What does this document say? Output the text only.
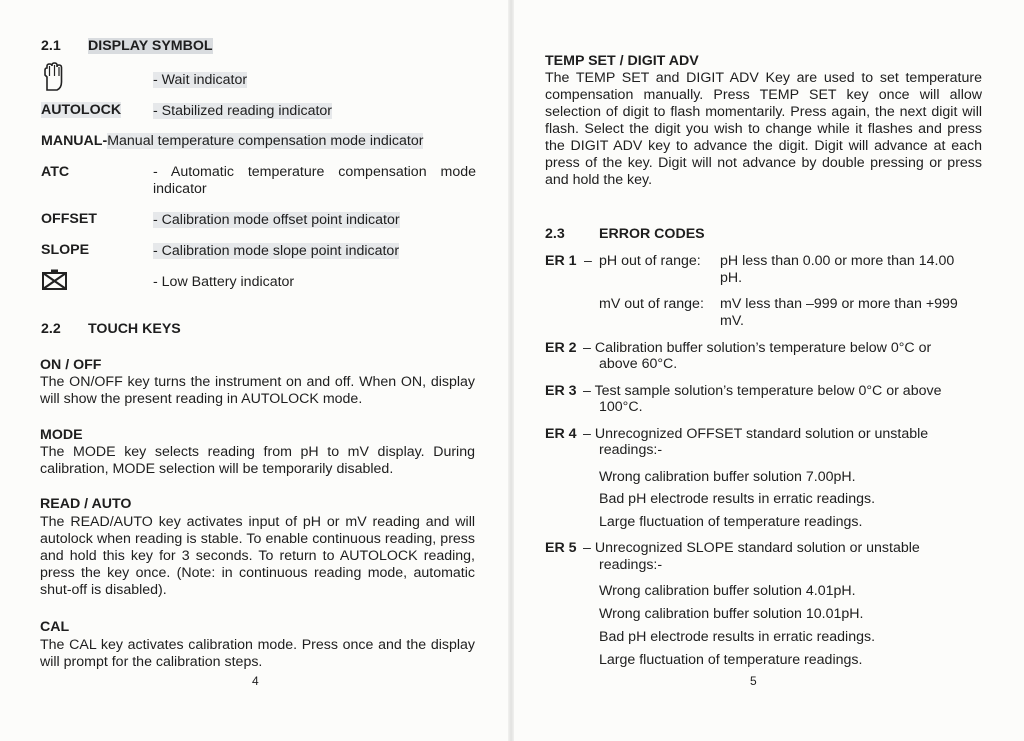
2.1 DISPLAY SYMBOL
- Wait indicator
AUTOLOCK - Stabilized reading indicator
MANUAL-Manual temperature compensation mode indicator
ATC	- Automatic temperature compensation mode indicator
OFFSET	- Calibration mode offset point indicator
SLOPE	- Calibration mode slope point indicator
- Low Battery indicator
2.2 TOUCH KEYS
ON / OFF
The ON/OFF key turns the instrument on and off. When ON, display will show the present reading in AUTOLOCK mode.
MODE
The MODE key selects reading from pH to mV display. During calibration, MODE selection will be temporarily disabled.
READ / AUTO
The READ/AUTO key activates input of pH or mV reading and will autolock when reading is stable. To enable continuous reading, press and hold this key for 3 seconds. To return to AUTOLOCK reading, press the key once. (Note: in continuous reading mode, automatic shut-off is disabled).
CAL
The CAL key activates calibration mode. Press once and the display will prompt for the calibration steps.
4
TEMP SET / DIGIT ADV
The TEMP SET and DIGIT ADV Key are used to set temperature compensation manually. Press TEMP SET key once will allow selection of digit to flash momentarily. Press again, the next digit will flash. Select the digit you wish to change while it flashes and press the DIGIT ADV key to advance the digit. Digit will advance at each press of the key. Digit will not advance by double pressing or press and hold the key.
2.3 ERROR CODES
ER 1 – pH out of range: pH less than 0.00 or more than 14.00
pH.
mV out of range: mV less than –999 or more than +999
mV.
ER 2 – Calibration buffer solution’s temperature below 0°C or
above 60°C.
ER 3 – Test sample solution’s temperature below 0°C or above
100°C.
ER 4 – Unrecognized OFFSET standard solution or unstable
readings:-
Wrong calibration buffer solution 7.00pH.
Bad pH electrode results in erratic readings.
Large fluctuation of temperature readings.
ER 5 – Unrecognized SLOPE standard solution or unstable
readings:-
Wrong calibration buffer solution 4.01pH.
Wrong calibration buffer solution 10.01pH.
Bad pH electrode results in erratic readings.
Large fluctuation of temperature readings.
5
